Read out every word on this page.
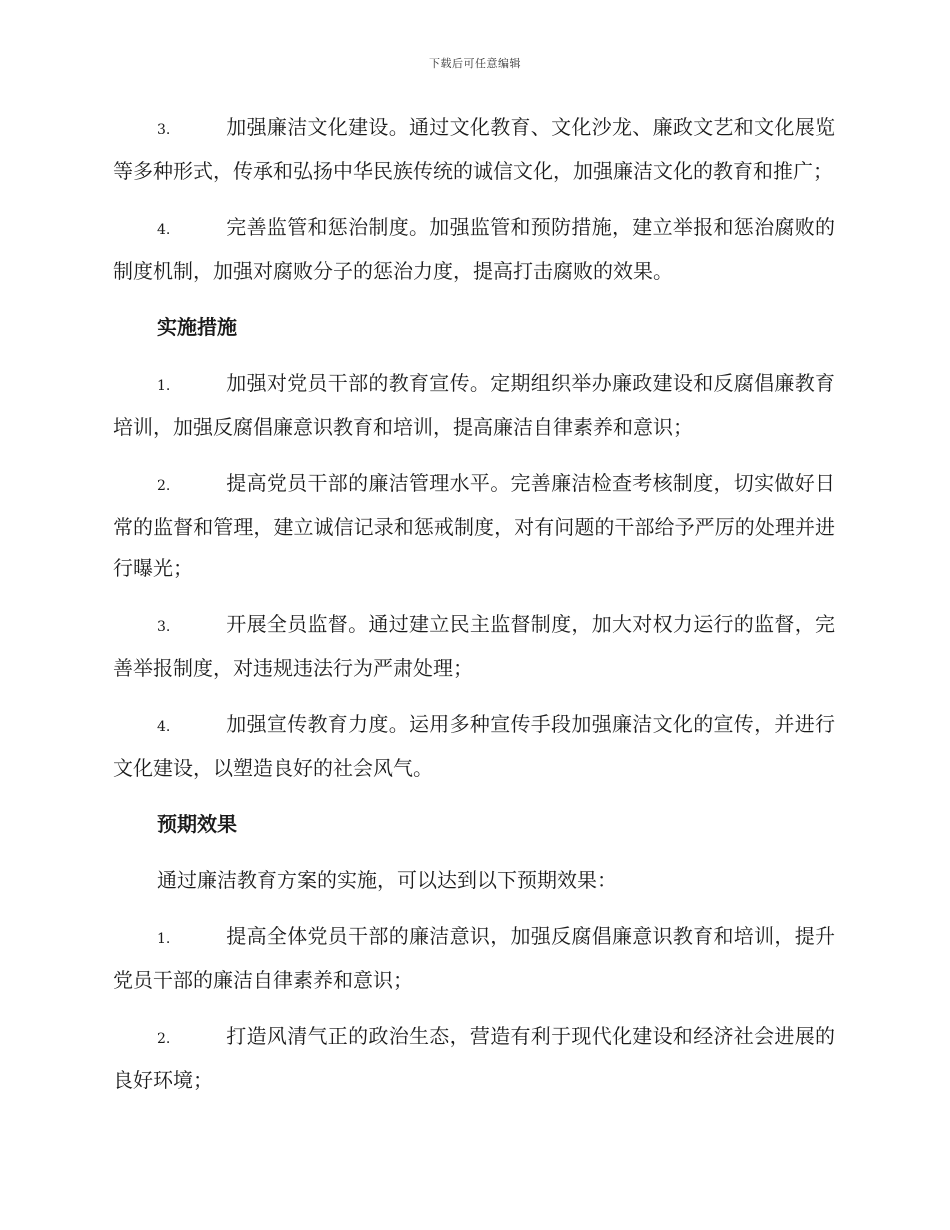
下载后可任意编辑

3.	加强廉洁文化建设。通过文化教育、文化沙龙、廉政文艺和文化展览等多种形式，传承和弘扬中华民族传统的诚信文化，加强廉洁文化的教育和推广；

4.	完善监管和惩治制度。加强监管和预防措施，建立举报和惩治腐败的制度机制，加强对腐败分子的惩治力度，提高打击腐败的效果。

实施措施

1.	加强对党员干部的教育宣传。定期组织举办廉政建设和反腐倡廉教育培训，加强反腐倡廉意识教育和培训，提高廉洁自律素养和意识；

2.	提高党员干部的廉洁管理水平。完善廉洁检查考核制度，切实做好日常的监督和管理，建立诚信记录和惩戒制度，对有问题的干部给予严厉的处理并进行曝光；

3.	开展全员监督。通过建立民主监督制度，加大对权力运行的监督，完善举报制度，对违规违法行为严肃处理；

4.	加强宣传教育力度。运用多种宣传手段加强廉洁文化的宣传，并进行文化建设，以塑造良好的社会风气。

预期效果

通过廉洁教育方案的实施，可以达到以下预期效果：

1.	提高全体党员干部的廉洁意识，加强反腐倡廉意识教育和培训，提升党员干部的廉洁自律素养和意识；

2.	打造风清气正的政治生态，营造有利于现代化建设和经济社会进展的良好环境；
